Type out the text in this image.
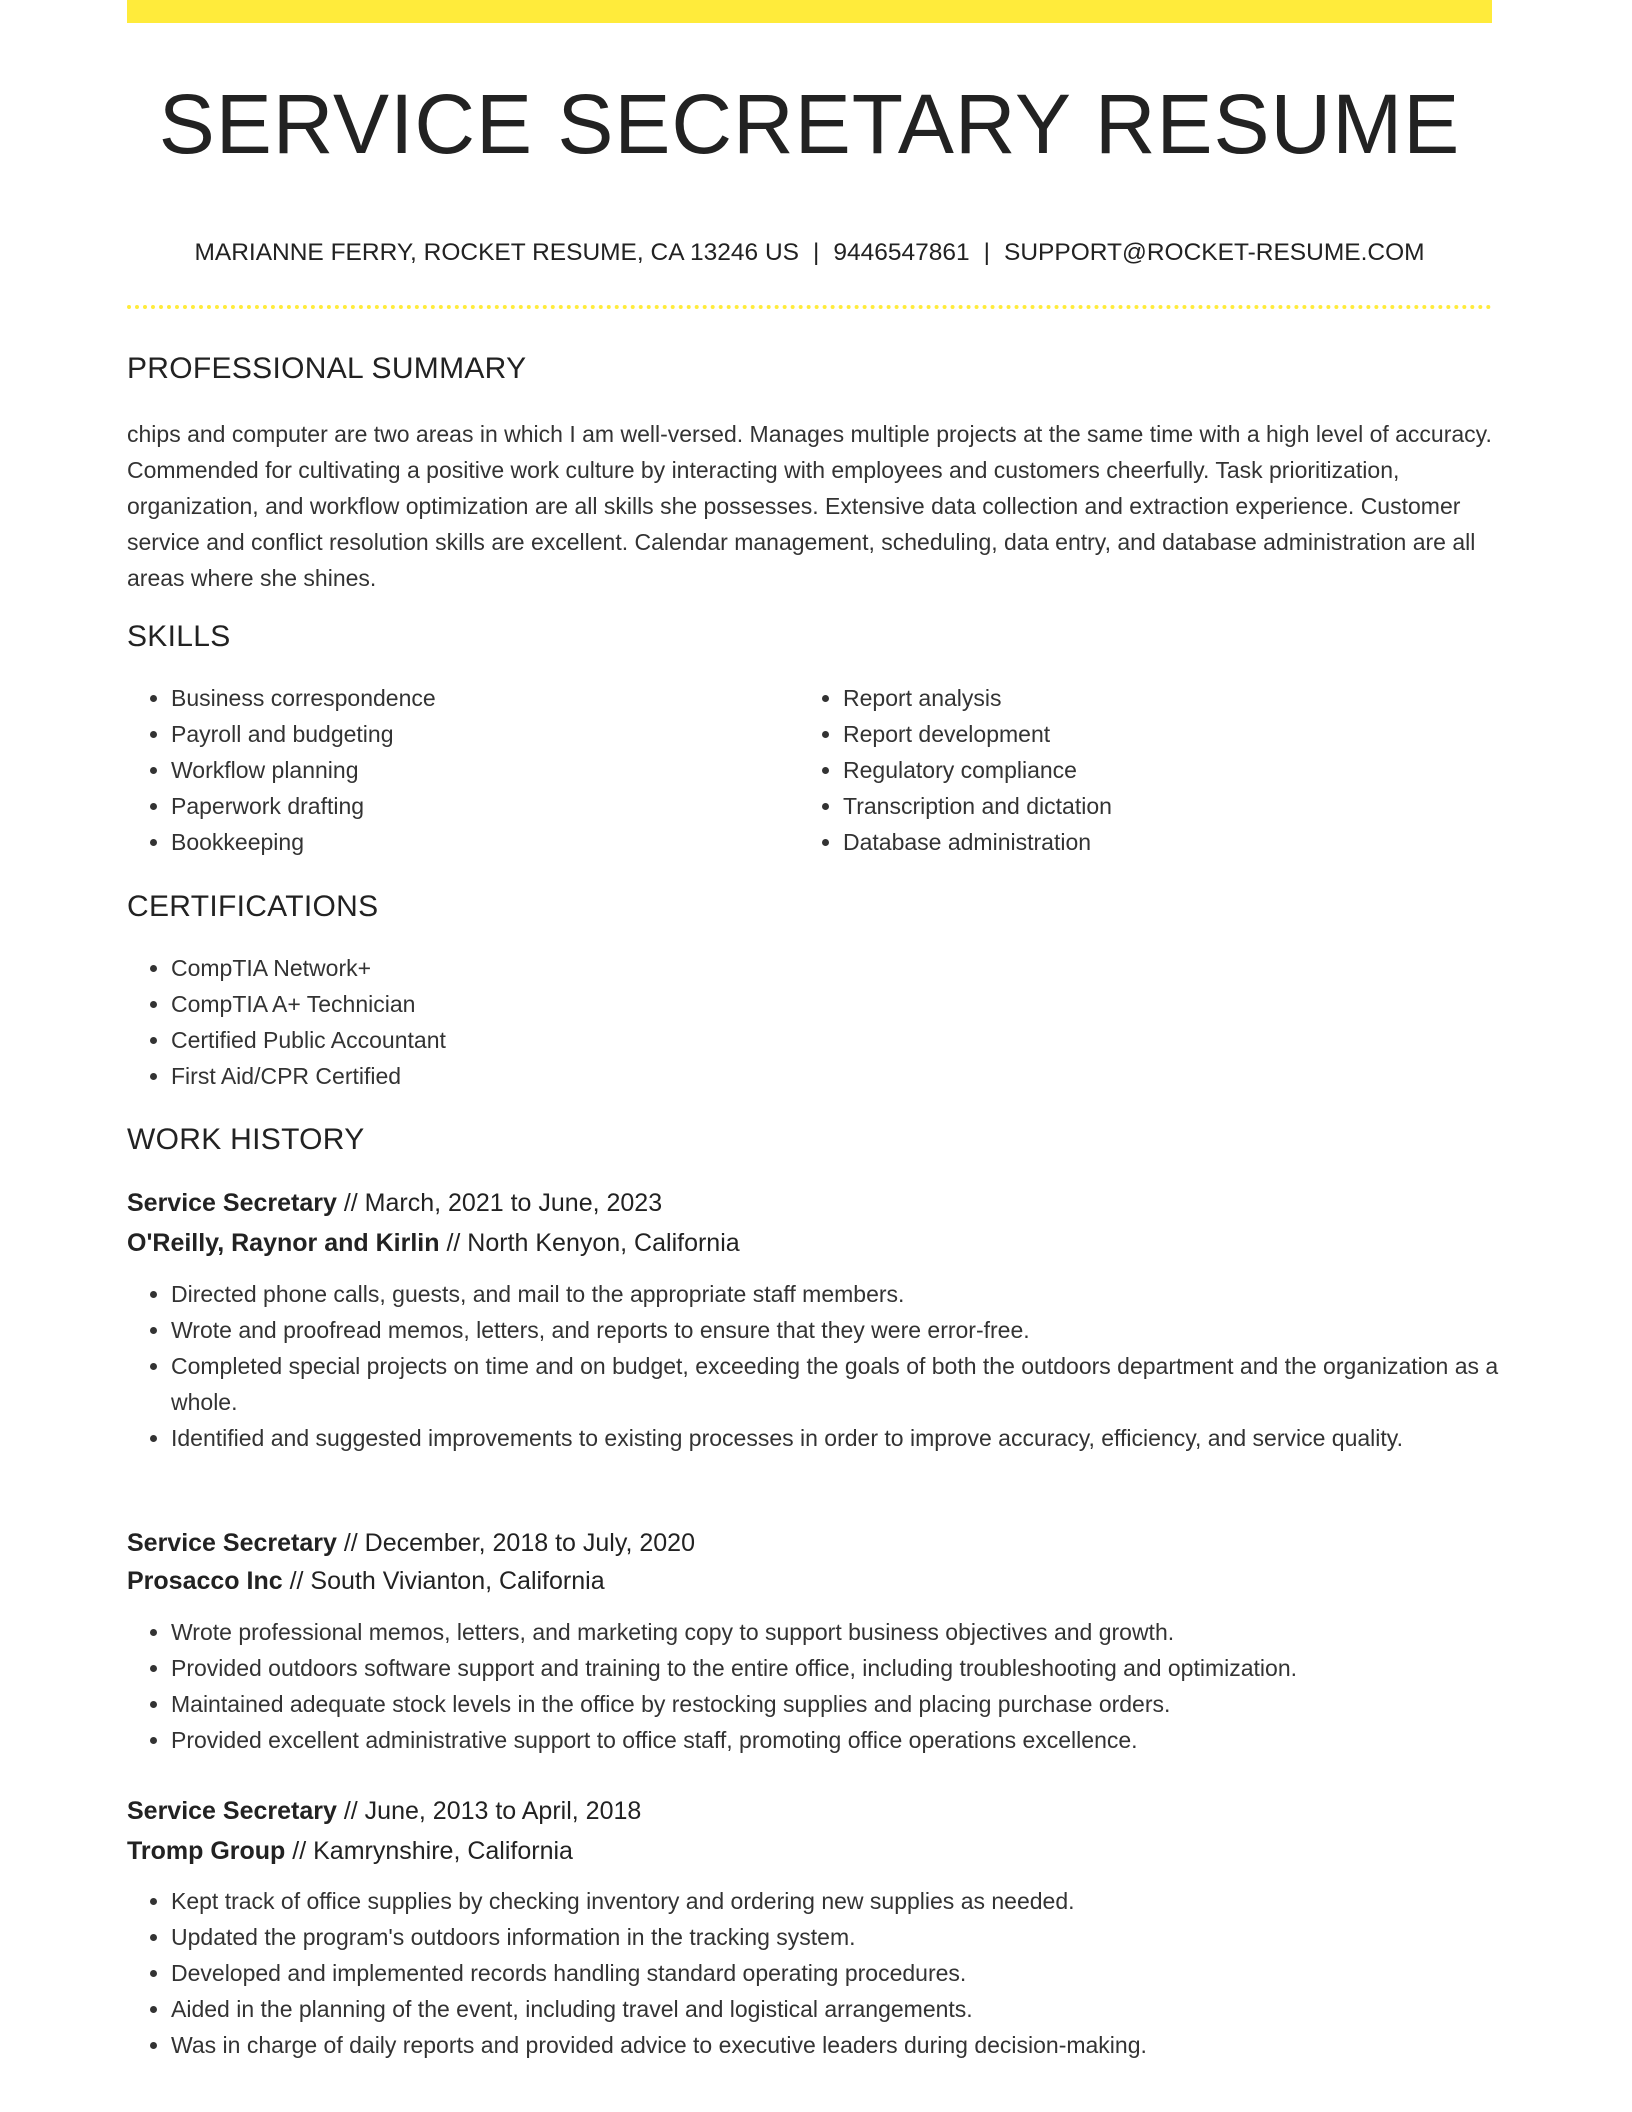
SERVICE SECRETARY RESUME
MARIANNE FERRY, ROCKET RESUME, CA 13246 US | 9446547861 | SUPPORT@ROCKET-RESUME.COM
PROFESSIONAL SUMMARY

chips and computer are two areas in which I am well-versed. Manages multiple projects at the same time with a high level of accuracy. Commended for cultivating a positive work culture by interacting with employees and customers cheerfully. Task prioritization, organization, and workflow optimization are all skills she possesses. Extensive data collection and extraction experience. Customer service and conflict resolution skills are excellent. Calendar management, scheduling, data entry, and database administration are all areas where she shines.

SKILLS
• Business correspondence
• Payroll and budgeting
• Workflow planning
• Paperwork drafting
• Bookkeeping
• Report analysis
• Report development
• Regulatory compliance
• Transcription and dictation
• Database administration
CERTIFICATIONS
• CompTIA Network+
• CompTIA A+ Technician
• Certified Public Accountant
• First Aid/CPR Certified
WORK HISTORY
Service Secretary // March, 2021 to June, 2023
O'Reilly, Raynor and Kirlin // North Kenyon, California
• Directed phone calls, guests, and mail to the appropriate staff members.
• Wrote and proofread memos, letters, and reports to ensure that they were error-free.
• Completed special projects on time and on budget, exceeding the goals of both the outdoors department and the organization as a whole.
• Identified and suggested improvements to existing processes in order to improve accuracy, efficiency, and service quality.
Service Secretary // December, 2018 to July, 2020
Prosacco Inc // South Vivianton, California
• Wrote professional memos, letters, and marketing copy to support business objectives and growth.
• Provided outdoors software support and training to the entire office, including troubleshooting and optimization.
• Maintained adequate stock levels in the office by restocking supplies and placing purchase orders.
• Provided excellent administrative support to office staff, promoting office operations excellence.
Service Secretary // June, 2013 to April, 2018
Tromp Group // Kamrynshire, California
• Kept track of office supplies by checking inventory and ordering new supplies as needed.
• Updated the program's outdoors information in the tracking system.
• Developed and implemented records handling standard operating procedures.
• Aided in the planning of the event, including travel and logistical arrangements.
• Was in charge of daily reports and provided advice to executive leaders during decision-making.
